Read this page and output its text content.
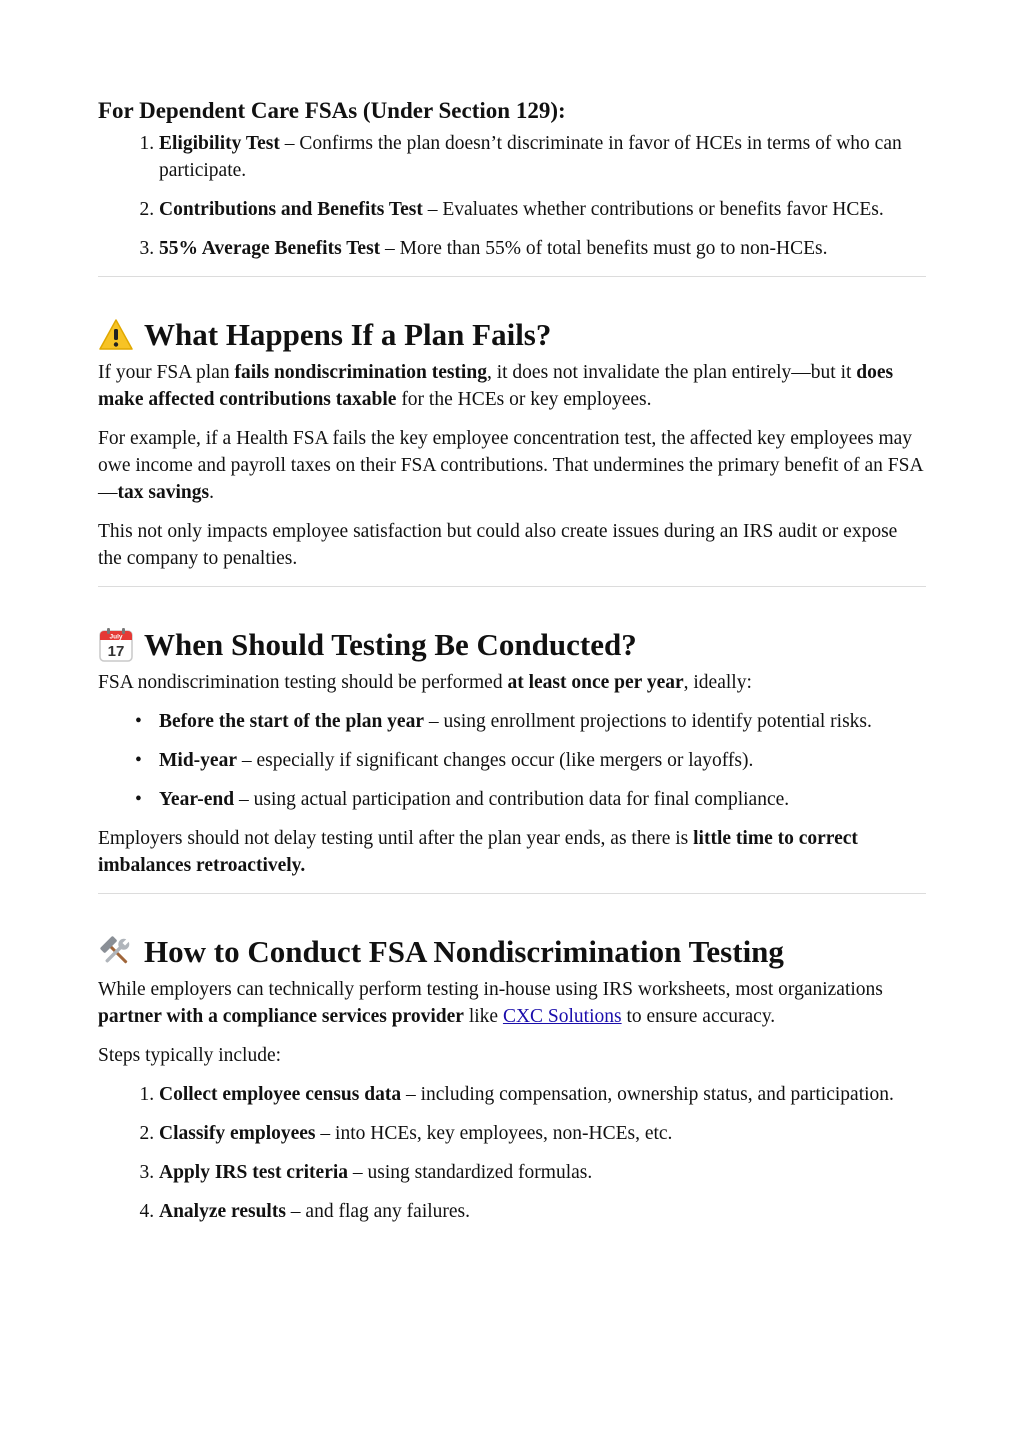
For Dependent Care FSAs (Under Section 129):
1. Eligibility Test – Confirms the plan doesn’t discriminate in favor of HCEs in terms of who can participate.
2. Contributions and Benefits Test – Evaluates whether contributions or benefits favor HCEs.
3. 55% Average Benefits Test – More than 55% of total benefits must go to non-HCEs.
What Happens If a Plan Fails?

If your FSA plan fails nondiscrimination testing, it does not invalidate the plan entirely—but it does make affected contributions taxable for the HCEs or key employees.

For example, if a Health FSA fails the key employee concentration test, the affected key employees may owe income and payroll taxes on their FSA contributions. That undermines the primary benefit of an FSA—tax savings.

This not only impacts employee satisfaction but could also create issues during an IRS audit or expose the company to penalties.

July
17 When Should Testing Be Conducted?

FSA nondiscrimination testing should be performed at least once per year, ideally:

• Before the start of the plan year – using enrollment projections to identify potential risks.
• Mid-year – especially if significant changes occur (like mergers or layoffs).
• Year-end – using actual participation and contribution data for final compliance.

Employers should not delay testing until after the plan year ends, as there is little time to correct imbalances retroactively.

How to Conduct FSA Nondiscrimination Testing

While employers can technically perform testing in-house using IRS worksheets, most organizations partner with a compliance services provider like CXC Solutions to ensure accuracy.

Steps typically include:

1. Collect employee census data – including compensation, ownership status, and participation.
2. Classify employees – into HCEs, key employees, non-HCEs, etc.
3. Apply IRS test criteria – using standardized formulas.
4. Analyze results – and flag any failures.
